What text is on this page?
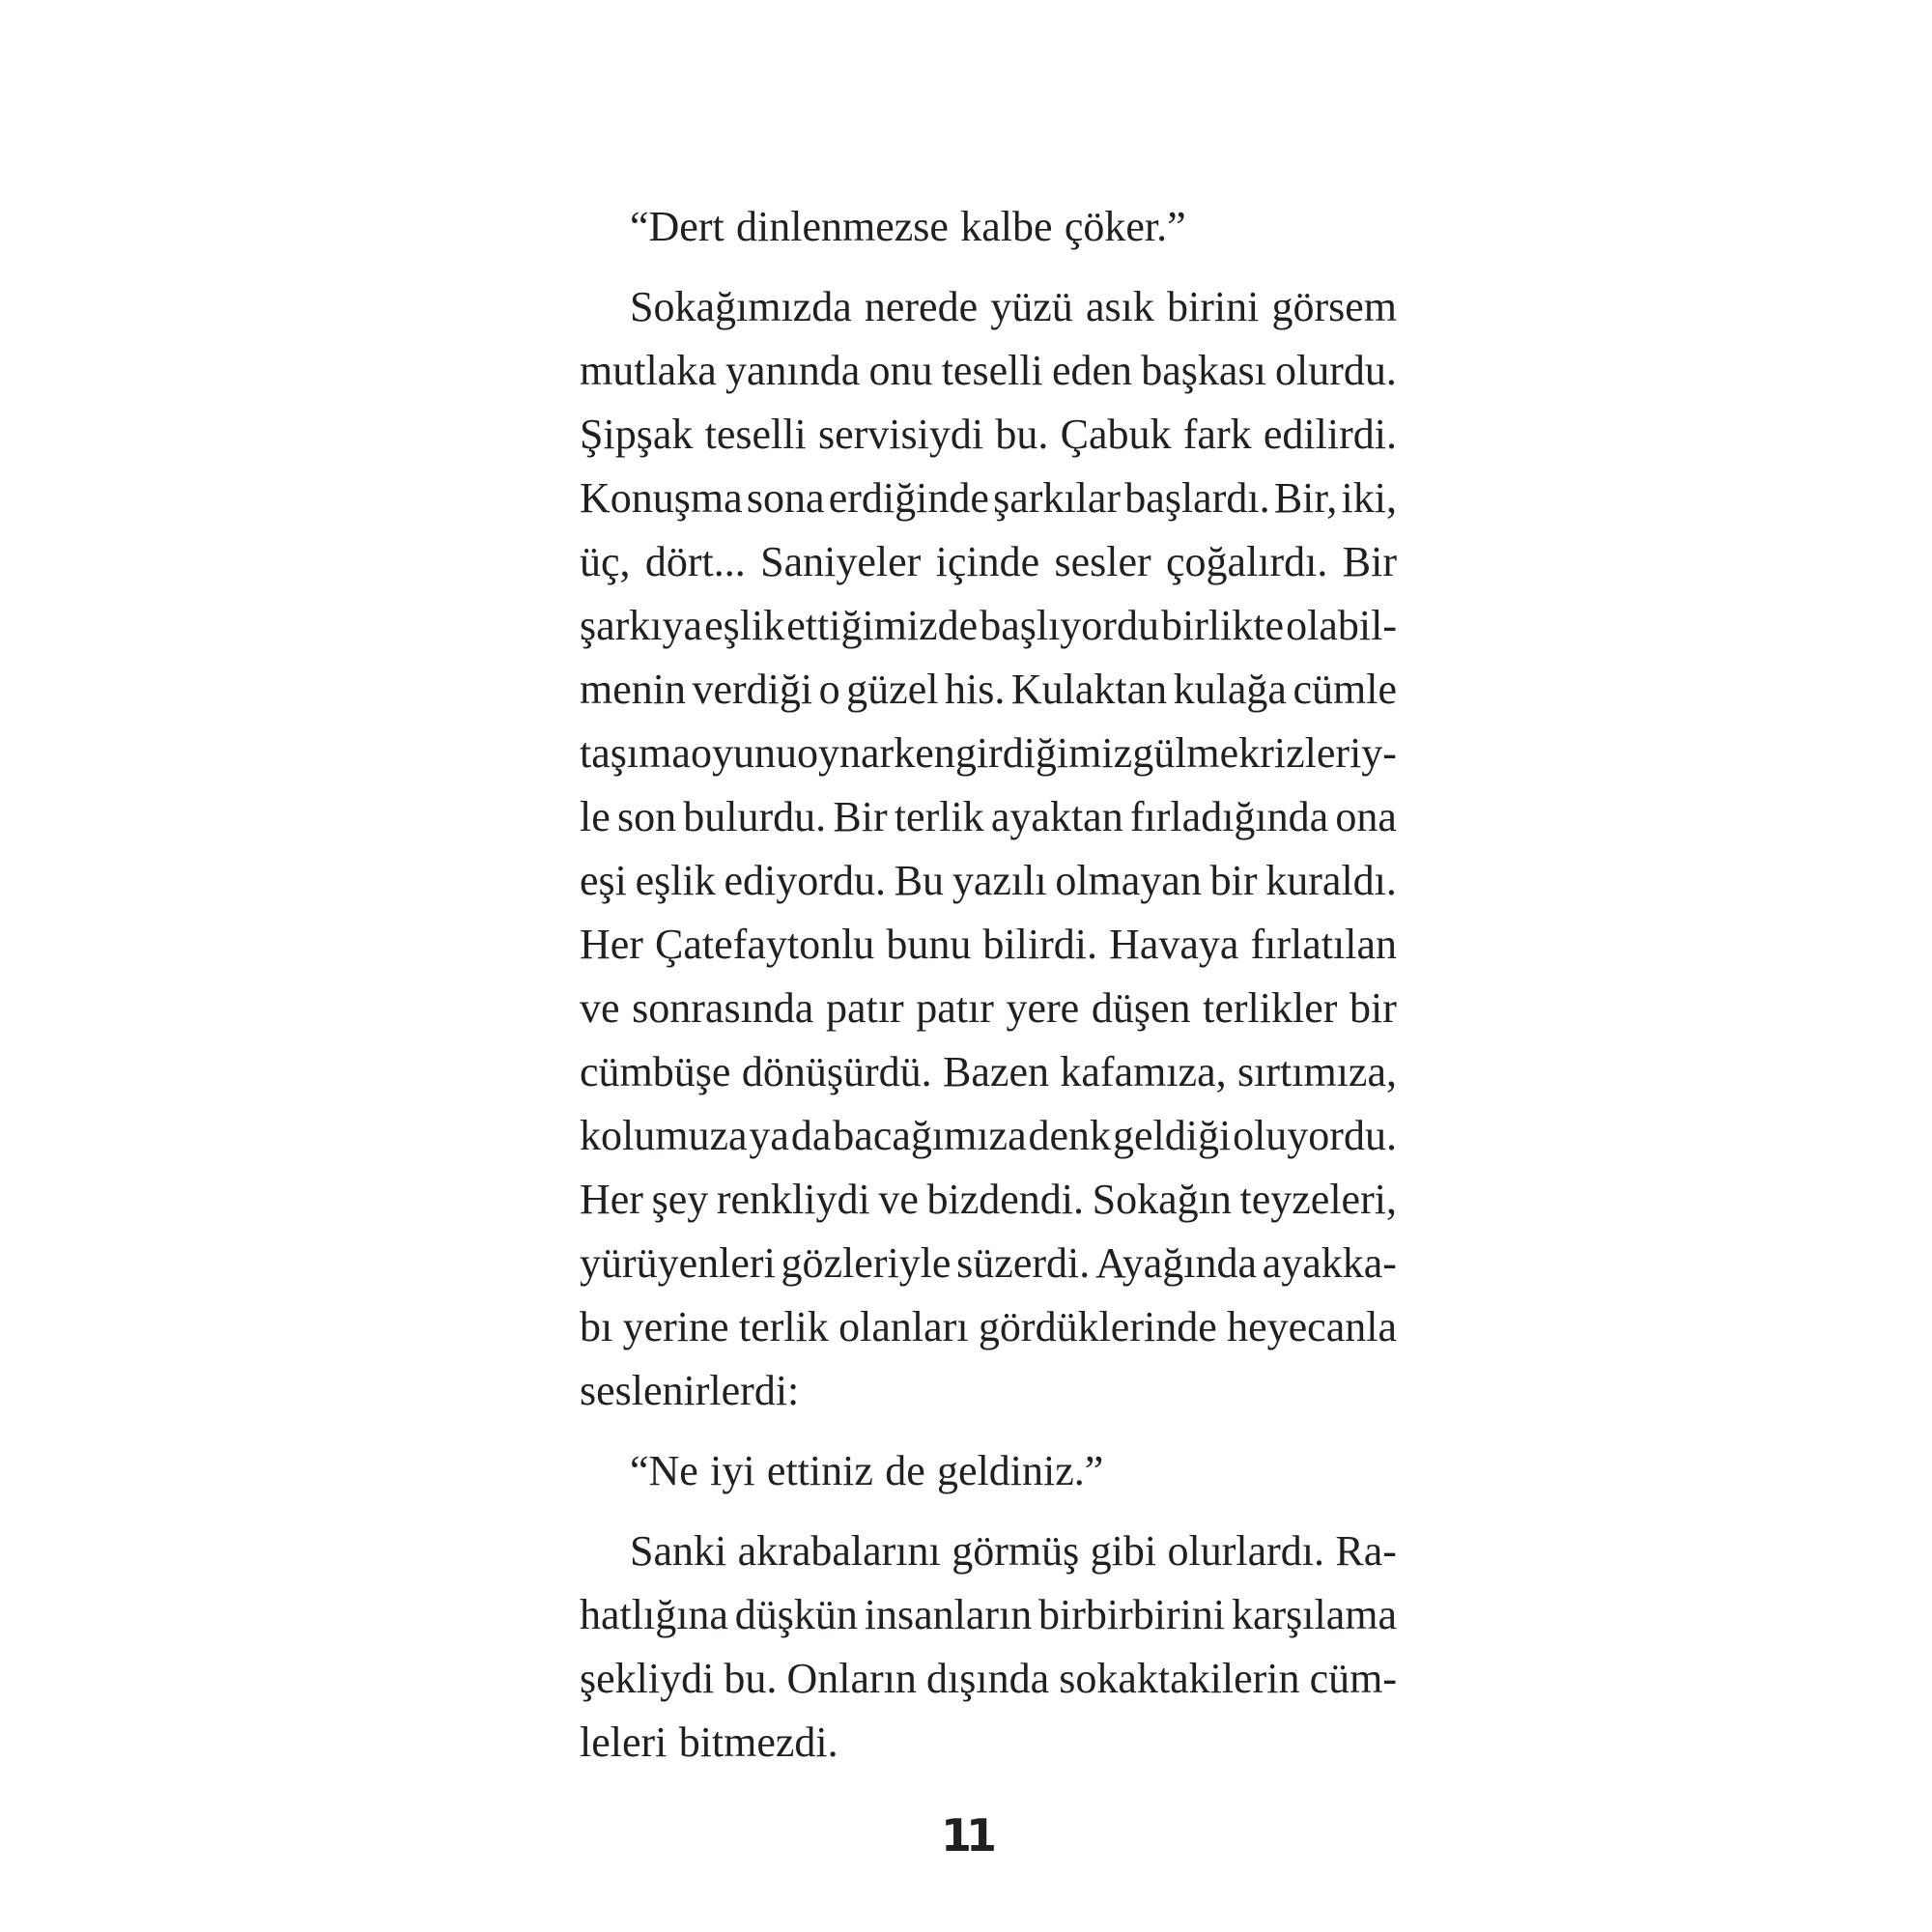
“Dert dinlenmezse kalbe çöker.”
Sokağımızda nerede yüzü asık birini görsem
mutlaka yanında onu teselli eden başkası olurdu.
Şipşak teselli servisiydi bu. Çabuk fark edilirdi.
Konuşma sona erdiğinde şarkılar başlardı. Bir, iki,
üç, dört... Saniyeler içinde sesler çoğalırdı. Bir
şarkıya eşlik ettiğimizde başlıyordu birlikte olabil-
menin verdiği o güzel his. Kulaktan kulağa cümle
taşıma oyunu oynarken girdiğimiz gülme krizleriy-
le son bulurdu. Bir terlik ayaktan fırladığında ona
eşi eşlik ediyordu. Bu yazılı olmayan bir kuraldı.
Her Çatefaytonlu bunu bilirdi. Havaya fırlatılan
ve sonrasında patır patır yere düşen terlikler bir
cümbüşe dönüşürdü. Bazen kafamıza, sırtımıza,
kolumuza ya da bacağımıza denk geldiği oluyordu.
Her şey renkliydi ve bizdendi. Sokağın teyzeleri,
yürüyenleri gözleriyle süzerdi. Ayağında ayakka-
bı yerine terlik olanları gördüklerinde heyecanla
seslenirlerdi:
“Ne iyi ettiniz de geldiniz.”
Sanki akrabalarını görmüş gibi olurlardı. Ra-
hatlığına düşkün insanların birbirbirini karşılama
şekliydi bu. Onların dışında sokaktakilerin cüm-
leleri bitmezdi.
11
